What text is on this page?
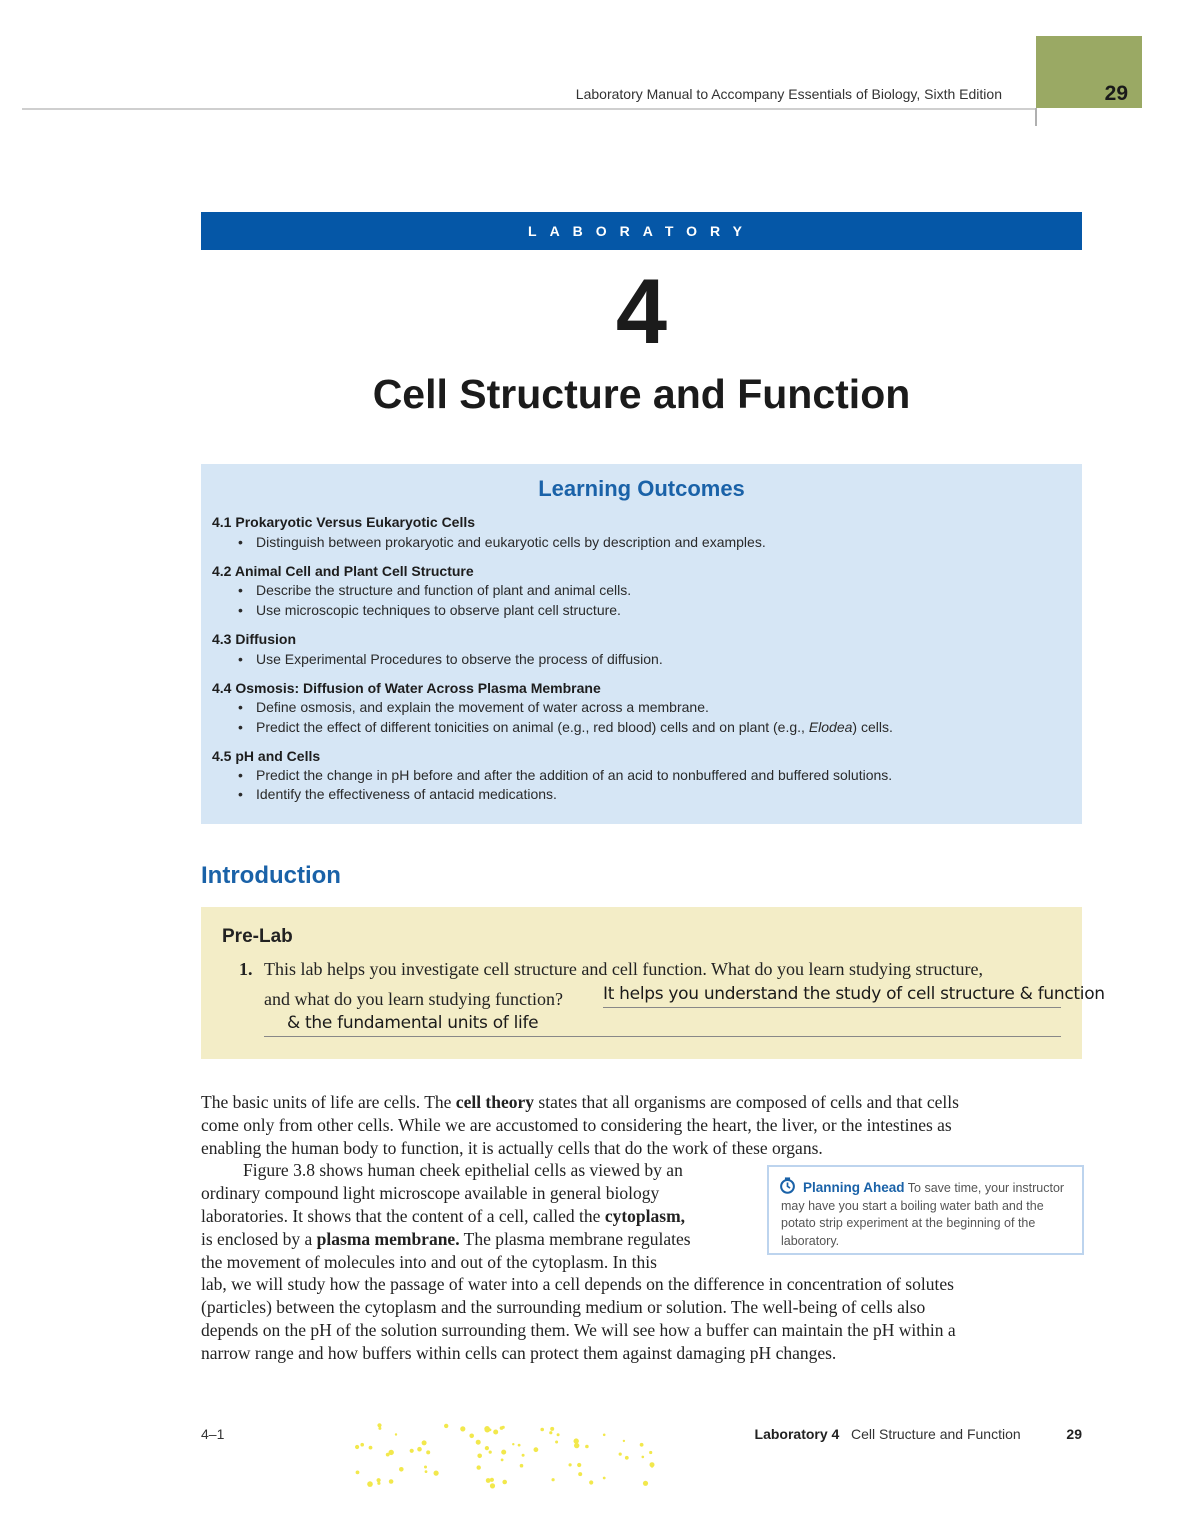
Laboratory Manual to Accompany Essentials of Biology, Sixth Edition	29
LABORATORY
4
Cell Structure and Function
Learning Outcomes
4.1 Prokaryotic Versus Eukaryotic Cells
• Distinguish between prokaryotic and eukaryotic cells by description and examples.
4.2 Animal Cell and Plant Cell Structure
• Describe the structure and function of plant and animal cells.
• Use microscopic techniques to observe plant cell structure.
4.3 Diffusion
• Use Experimental Procedures to observe the process of diffusion.
4.4 Osmosis: Diffusion of Water Across Plasma Membrane
• Define osmosis, and explain the movement of water across a membrane.
• Predict the effect of different tonicities on animal (e.g., red blood) cells and on plant (e.g., Elodea) cells.
4.5 pH and Cells
• Predict the change in pH before and after the addition of an acid to nonbuffered and buffered solutions.
• Identify the effectiveness of antacid medications.
Introduction
Pre-Lab
1. This lab helps you investigate cell structure and cell function. What do you learn studying structure,
and what do you learn studying function? It helps you understand the study of cell structure & function
& the fundamental units of life
The basic units of life are cells. The cell theory states that all organisms are composed of cells and that cells
come only from other cells. While we are accustomed to considering the heart, the liver, or the intestines as
enabling the human body to function, it is actually cells that do the work of these organs.
Figure 3.8 shows human cheek epithelial cells as viewed by an
ordinary compound light microscope available in general biology
laboratories. It shows that the content of a cell, called the cytoplasm,
is enclosed by a plasma membrane. The plasma membrane regulates
the movement of molecules into and out of the cytoplasm. In this
lab, we will study how the passage of water into a cell depends on the difference in concentration of solutes
(particles) between the cytoplasm and the surrounding medium or solution. The well-being of cells also
depends on the pH of the solution surrounding them. We will see how a buffer can maintain the pH within a
narrow range and how buffers within cells can protect them against damaging pH changes.
Planning Ahead To save time, your instructor may have you start a boiling water bath and the potato strip experiment at the beginning of the laboratory.
4–1	Laboratory 4 Cell Structure and Function	29
